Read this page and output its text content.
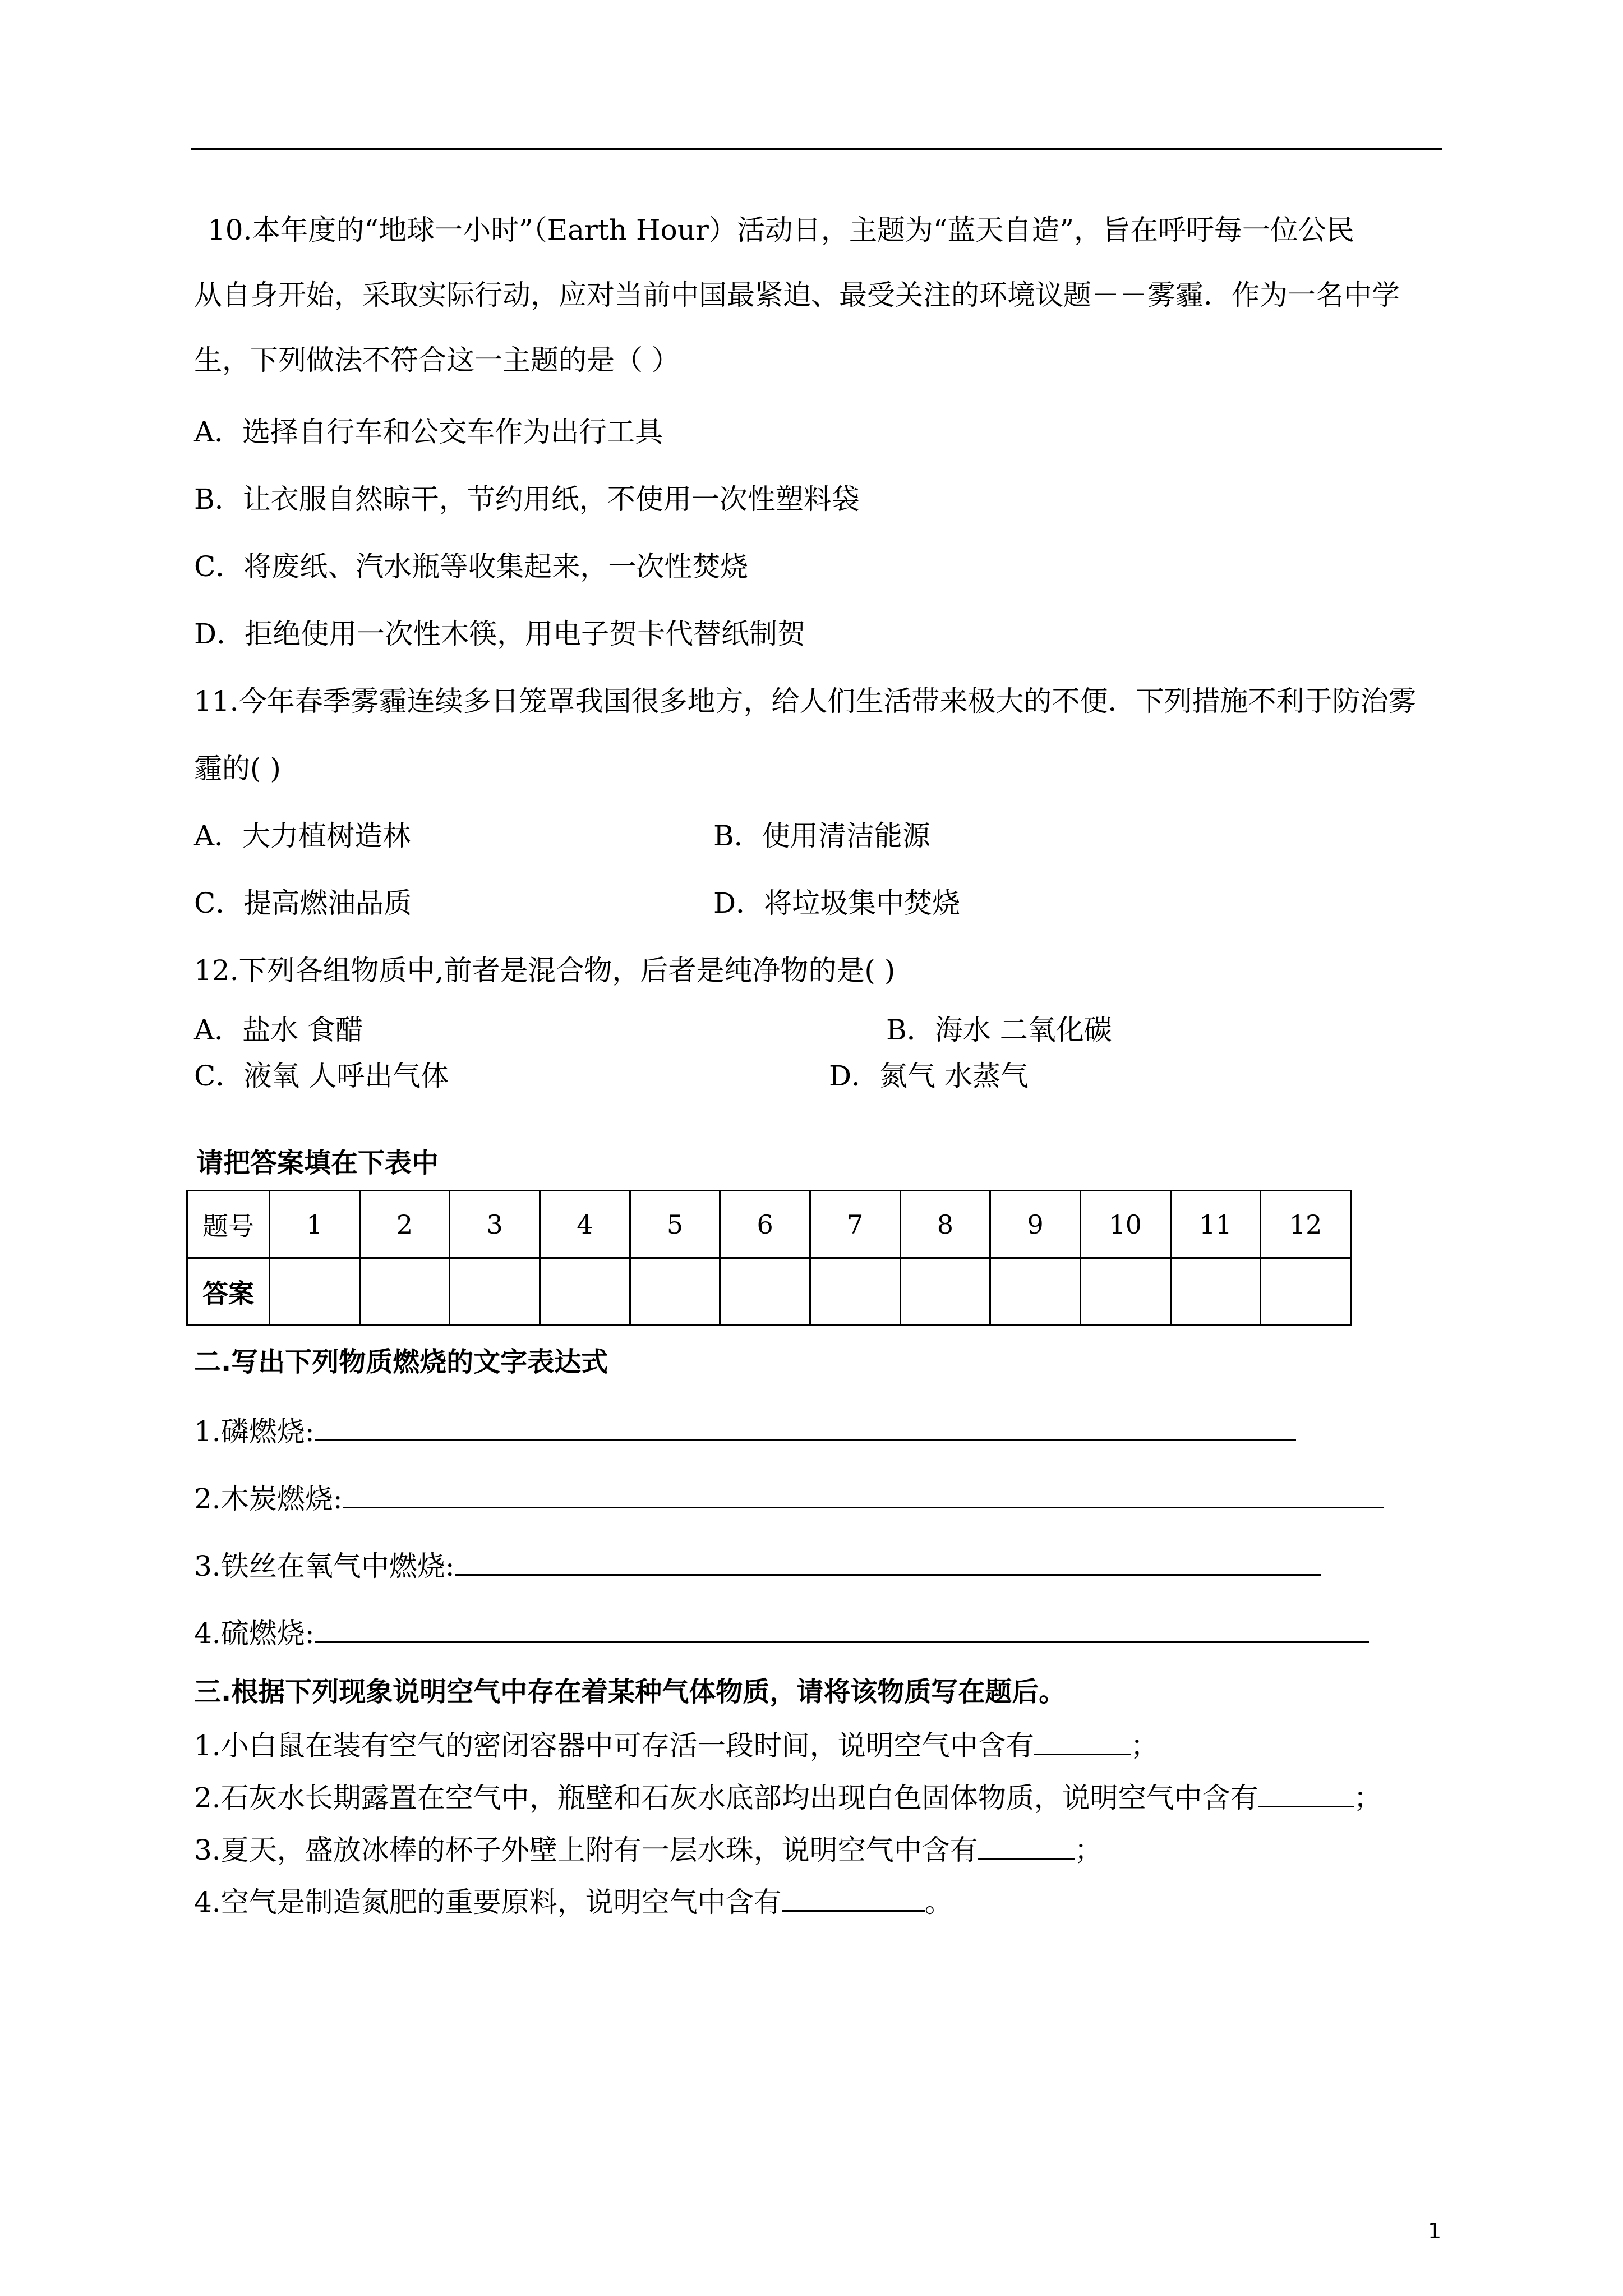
10.本年度的“地球一小时”（Earth Hour）活动日，主题为“蓝天自造”，旨在呼吁每一位公民
从自身开始，采取实际行动，应对当前中国最紧迫、最受关注的环境议题－－雾霾．作为一名中学
生，下列做法不符合这一主题的是（ ）
A．选择自行车和公交车作为出行工具
B．让衣服自然晾干，节约用纸，不使用一次性塑料袋
C．将废纸、汽水瓶等收集起来，一次性焚烧
D．拒绝使用一次性木筷，用电子贺卡代替纸制贺
11.今年春季雾霾连续多日笼罩我国很多地方，给人们生活带来极大的不便．下列措施不利于防治雾
霾的( )
A．大力植树造林	B．使用清洁能源
C．提高燃油品质	D．将垃圾集中焚烧
12.下列各组物质中,前者是混合物，后者是纯净物的是( )
A．盐水 食醋	B．海水 二氧化碳
C．液氧 人呼出气体	D．氮气 水蒸气
请把答案填在下表中
题号	1	2	3	4	5	6	7	8	9	10	11	12
答案												
二.写出下列物质燃烧的文字表达式
1.磷燃烧:
2.木炭燃烧:
3.铁丝在氧气中燃烧:
4.硫燃烧:
三.根据下列现象说明空气中存在着某种气体物质，请将该物质写在题后。
1.小白鼠在装有空气的密闭容器中可存活一段时间，说明空气中含有	；
2.石灰水长期露置在空气中，瓶壁和石灰水底部均出现白色固体物质，说明空气中含有	；
3.夏天，盛放冰棒的杯子外壁上附有一层水珠，说明空气中含有	；
4.空气是制造氮肥的重要原料，说明空气中含有	。
1
